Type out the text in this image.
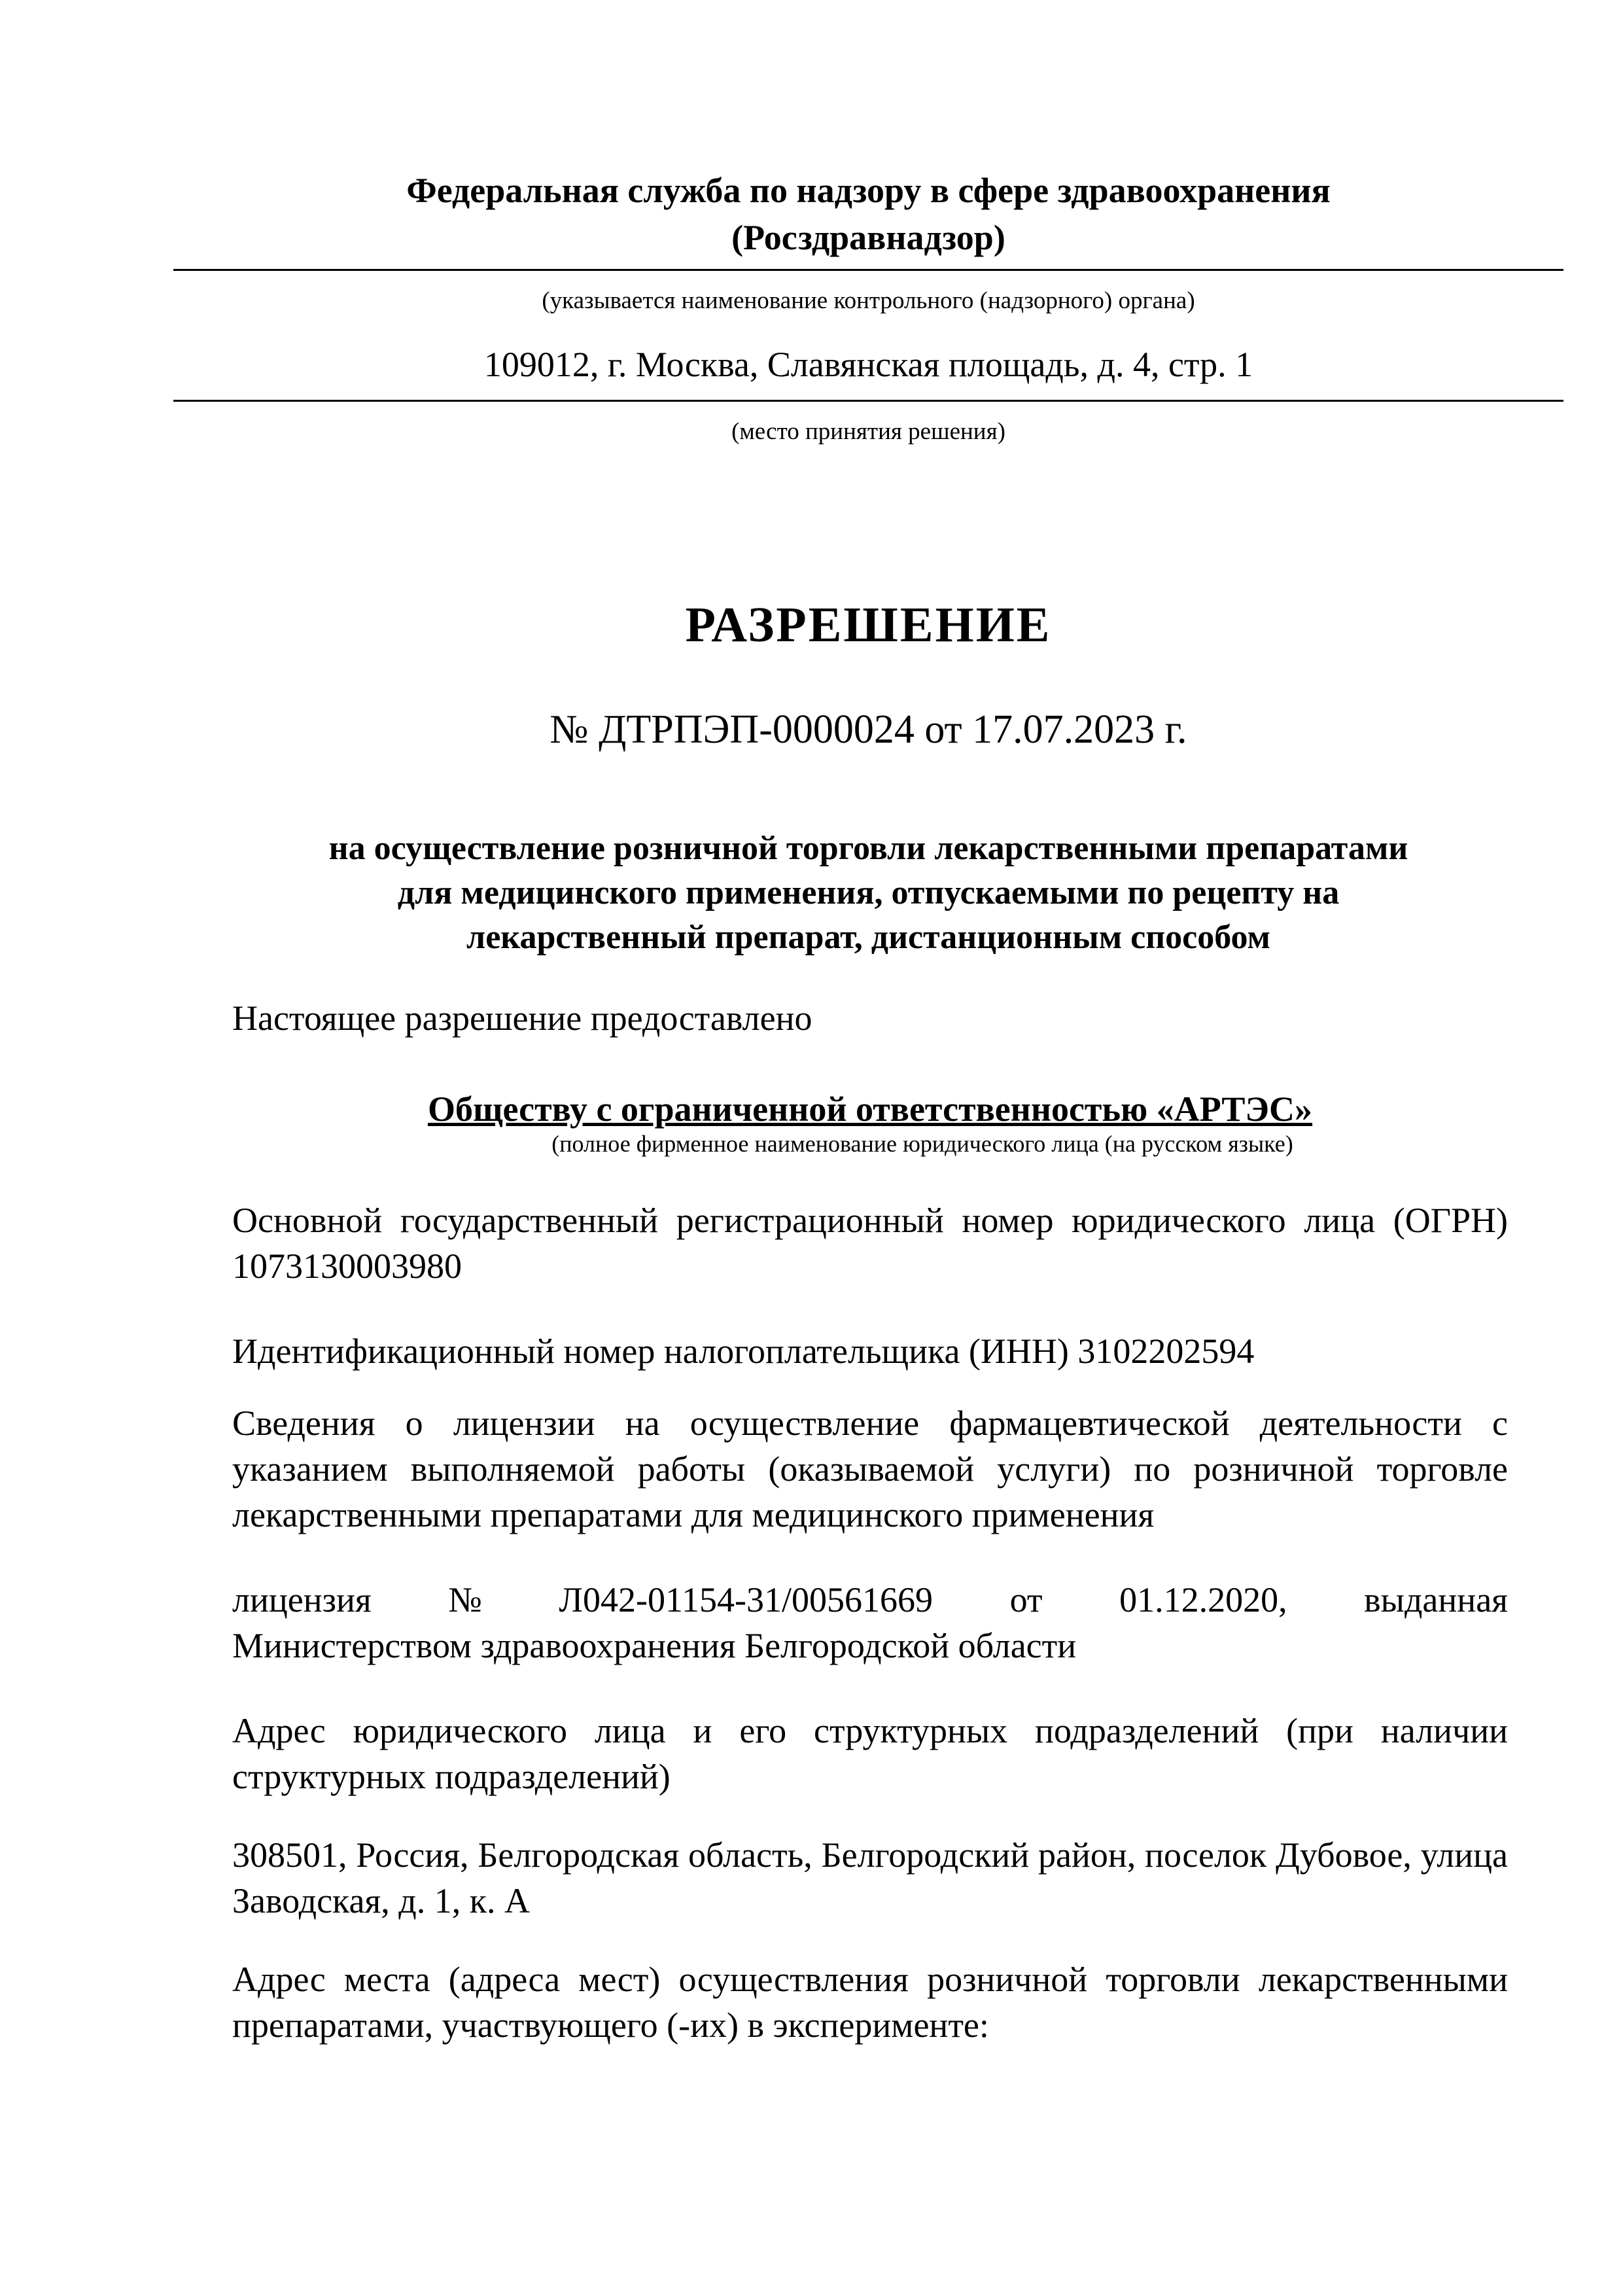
Федеральная служба по надзору в сфере здравоохранения
(Росздравнадзор)
(указывается наименование контрольного (надзорного) органа)
109012, г. Москва, Славянская площадь, д. 4, стр. 1
(место принятия решения)
РАЗРЕШЕНИЕ
№ ДТРПЭП-0000024 от 17.07.2023 г.
на осуществление розничной торговли лекарственными препаратами
для медицинского применения, отпускаемыми по рецепту на
лекарственный препарат, дистанционным способом
Настоящее разрешение предоставлено
Обществу с ограниченной ответственностью «АРТЭС»
(полное фирменное наименование юридического лица (на русском языке)
Основной государственный регистрационный номер юридического лица (ОГРН) 1073130003980
Идентификационный номер налогоплательщика (ИНН) 3102202594
Сведения о лицензии на осуществление фармацевтической деятельности с указанием выполняемой работы (оказываемой услуги) по розничной торговле лекарственными препаратами для медицинского применения
лицензия № Л042-01154-31/00561669 от 01.12.2020, выданная
Министерством здравоохранения Белгородской области
Адрес юридического лица и его структурных подразделений (при наличии структурных подразделений)
308501, Россия, Белгородская область, Белгородский район, поселок Дубовое, улица Заводская, д. 1, к. А
Адрес места (адреса мест) осуществления розничной торговли лекарственными препаратами, участвующего (-их) в эксперименте:
